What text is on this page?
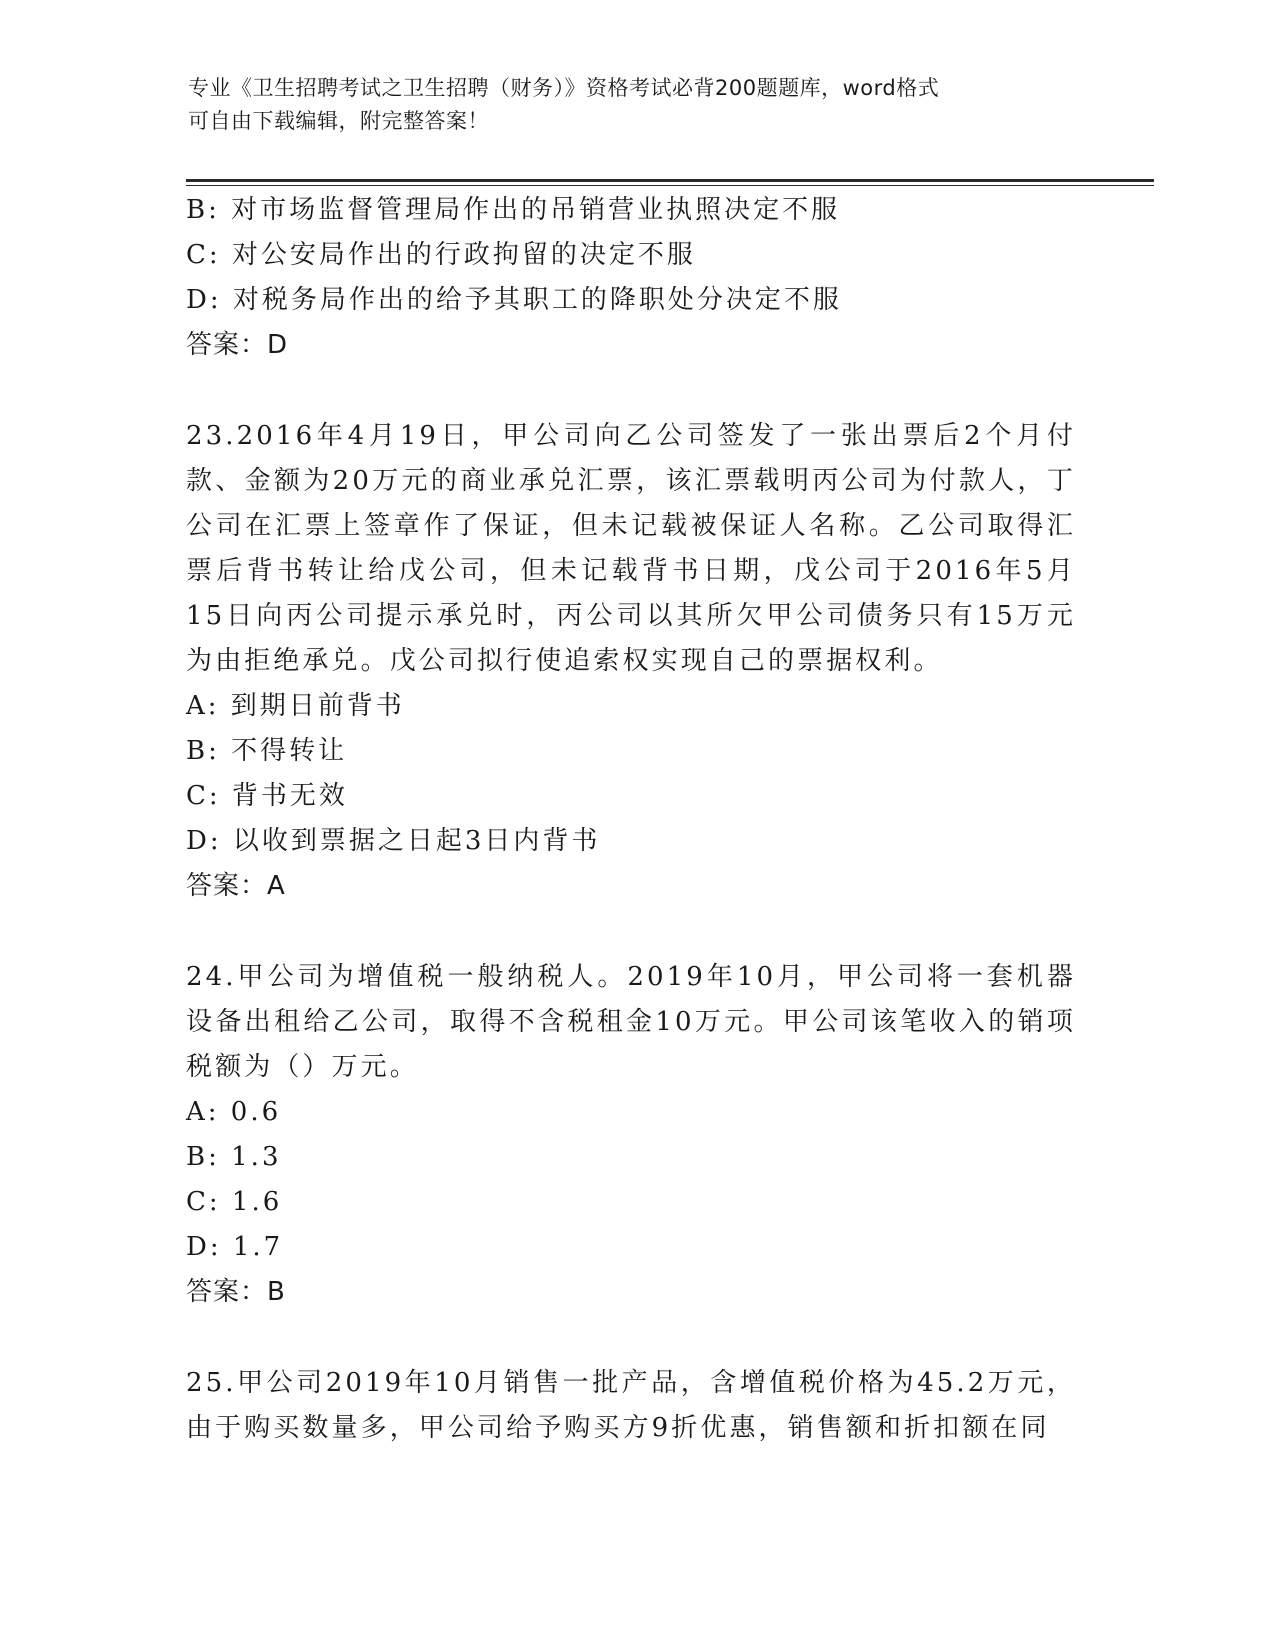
专业《卫生招聘考试之卫生招聘（财务）》资格考试必背200题题库，word格式
可自由下载编辑，附完整答案！
B: 对市场监督管理局作出的吊销营业执照决定不服
C: 对公安局作出的行政拘留的决定不服
D: 对税务局作出的给予其职工的降职处分决定不服
答案：D
23.2016年4月19日，甲公司向乙公司签发了一张出票后2个月付款、金额为20万元的商业承兑汇票，该汇票载明丙公司为付款人，丁公司在汇票上签章作了保证，但未记载被保证人名称。乙公司取得汇票后背书转让给戊公司，但未记载背书日期，戊公司于2016年5月15日向丙公司提示承兑时，丙公司以其所欠甲公司债务只有15万元为由拒绝承兑。戊公司拟行使追索权实现自己的票据权利。
A: 到期日前背书
B: 不得转让
C: 背书无效
D: 以收到票据之日起3日内背书
答案：A
24.甲公司为增值税一般纳税人。2019年10月，甲公司将一套机器设备出租给乙公司，取得不含税租金10万元。甲公司该笔收入的销项税额为（）万元。
A: 0.6
B: 1.3
C: 1.6
D: 1.7
答案：B
25.甲公司2019年10月销售一批产品，含增值税价格为45.2万元，由于购买数量多，甲公司给予购买方9折优惠，销售额和折扣额在同
